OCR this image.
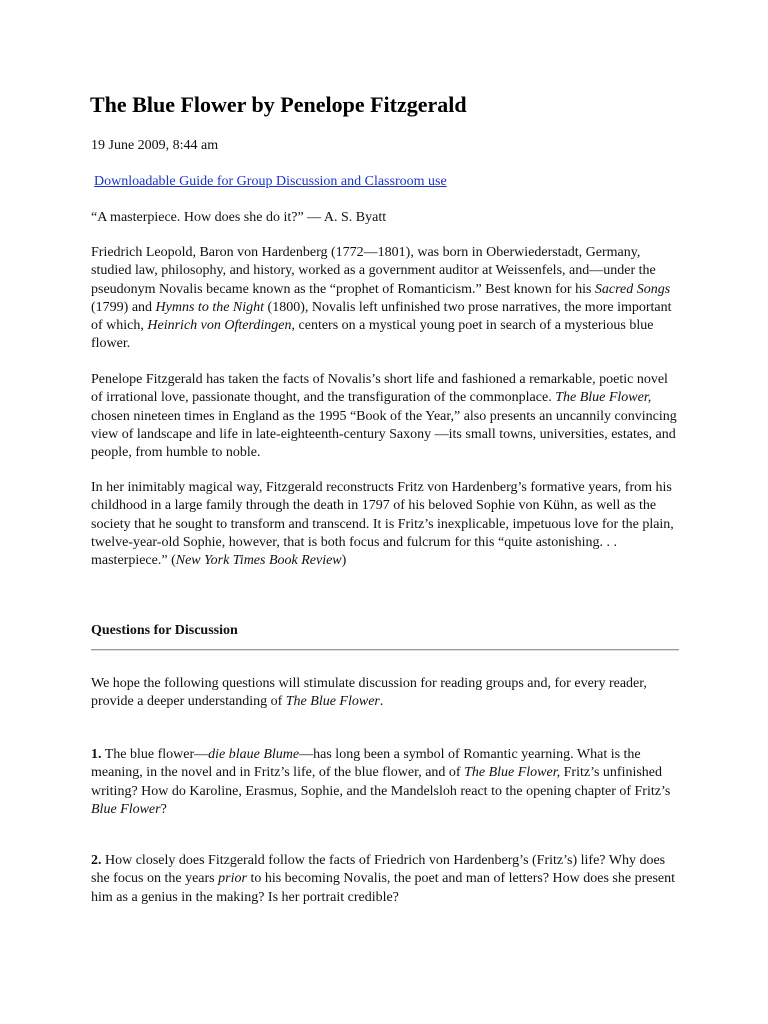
The Blue Flower by Penelope Fitzgerald

19 June 2009, 8:44 am

Downloadable Guide for Group Discussion and Classroom use

“A masterpiece. How does she do it?” — A. S. Byatt

Friedrich Leopold, Baron von Hardenberg (1772—1801), was born in Oberwiederstadt, Germany, studied law, philosophy, and history, worked as a government auditor at Weissenfels, and—under the pseudonym Novalis became known as the “prophet of Romanticism.” Best known for his Sacred Songs (1799) and Hymns to the Night (1800), Novalis left unfinished two prose narratives, the more important of which, Heinrich von Ofterdingen, centers on a mystical young poet in search of a mysterious blue flower.

Penelope Fitzgerald has taken the facts of Novalis’s short life and fashioned a remarkable, poetic novel of irrational love, passionate thought, and the transfiguration of the commonplace. The Blue Flower, chosen nineteen times in England as the 1995 “Book of the Year,” also presents an uncannily convincing view of landscape and life in late-eighteenth-century Saxony —its small towns, universities, estates, and people, from humble to noble.

In her inimitably magical way, Fitzgerald reconstructs Fritz von Hardenberg’s formative years, from his childhood in a large family through the death in 1797 of his beloved Sophie von Kühn, as well as the society that he sought to transform and transcend. It is Fritz’s inexplicable, impetuous love for the plain, twelve-year-old Sophie, however, that is both focus and fulcrum for this “quite astonishing. . . masterpiece.” (New York Times Book Review)

Questions for Discussion

We hope the following questions will stimulate discussion for reading groups and, for every reader, provide a deeper understanding of The Blue Flower.

1. The blue flower—die blaue Blume—has long been a symbol of Romantic yearning. What is the meaning, in the novel and in Fritz’s life, of the blue flower, and of The Blue Flower, Fritz’s unfinished writing? How do Karoline, Erasmus, Sophie, and the Mandelsloh react to the opening chapter of Fritz’s Blue Flower?

2. How closely does Fitzgerald follow the facts of Friedrich von Hardenberg’s (Fritz’s) life? Why does she focus on the years prior to his becoming Novalis, the poet and man of letters? How does she present him as a genius in the making? Is her portrait credible?
